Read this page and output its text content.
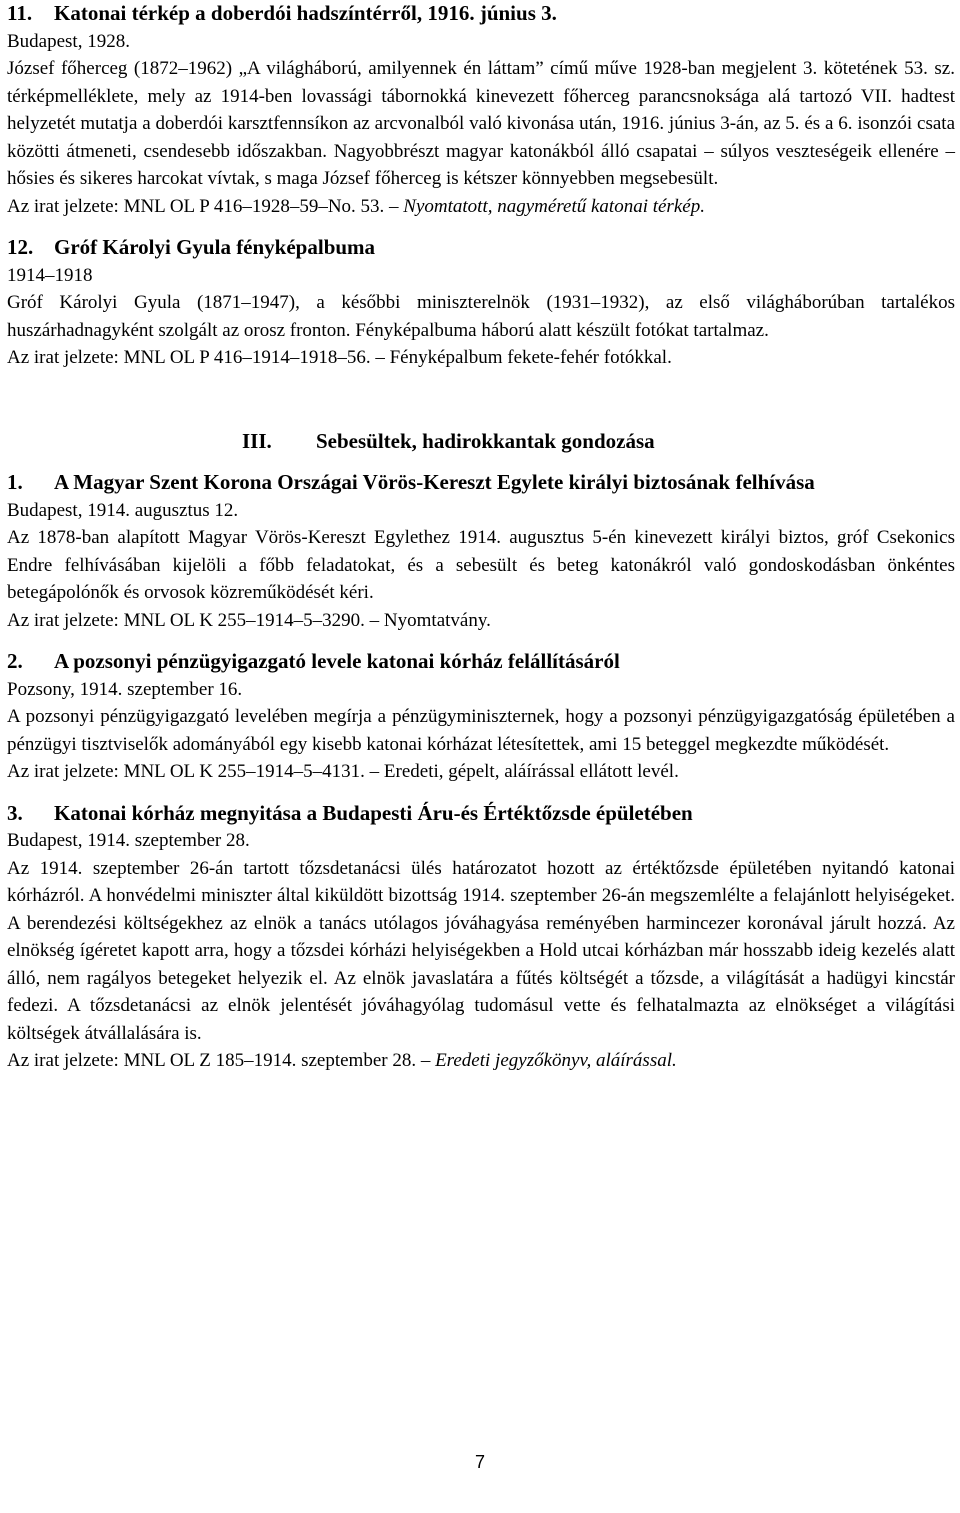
11. Katonai térkép a doberdói hadszíntérről, 1916. június 3.

Budapest, 1928.

József főherceg (1872–1962) „A világháború, amilyennek én láttam” című műve 1928-ban megjelent 3. kötetének 53. sz. térképmelléklete, mely az 1914-ben lovassági tábornokká kinevezett főherceg parancsnoksága alá tartozó VII. hadtest helyzetét mutatja a doberdói karsztfennsíkon az arcvonalból való kivonása után, 1916. június 3-án, az 5. és a 6. isonzói csata közötti átmeneti, csendesebb időszakban. Nagyobbrészt magyar katonákból álló csapatai – súlyos veszteségeik ellenére – hősies és sikeres harcokat vívtak, s maga József főherceg is kétszer könnyebben megsebesült.

Az irat jelzete: MNL OL P 416–1928–59–No. 53. – Nyomtatott, nagyméretű katonai térkép.

12. Gróf Károlyi Gyula fényképalbuma

1914–1918

Gróf Károlyi Gyula (1871–1947), a későbbi miniszterelnök (1931–1932), az első világháborúban tartalékos huszárhadnagyként szolgált az orosz fronton. Fényképalbuma háború alatt készült fotókat tartalmaz.

Az irat jelzete: MNL OL P 416–1914–1918–56. – Fényképalbum fekete-fehér fotókkal.

III. Sebesültek, hadirokkantak gondozása
1. A Magyar Szent Korona Országai Vörös-Kereszt Egylete királyi biztosának felhívása

Budapest, 1914. augusztus 12.

Az 1878-ban alapított Magyar Vörös-Kereszt Egylethez 1914. augusztus 5-én kinevezett királyi biztos, gróf Csekonics Endre felhívásában kijelöli a főbb feladatokat, és a sebesült és beteg katonákról való gondoskodásban önkéntes betegápolónők és orvosok közreműködését kéri.

Az irat jelzete: MNL OL K 255–1914–5–3290. – Nyomtatvány.

2. A pozsonyi pénzügyigazgató levele katonai kórház felállításáról

Pozsony, 1914. szeptember 16.

A pozsonyi pénzügyigazgató levelében megírja a pénzügyminiszternek, hogy a pozsonyi pénzügyigazgatóság épületében a pénzügyi tisztviselők adományából egy kisebb katonai kórházat létesítettek, ami 15 beteggel megkezdte működését.

Az irat jelzete: MNL OL K 255–1914–5–4131. – Eredeti, gépelt, aláírással ellátott levél.

3. Katonai kórház megnyitása a Budapesti Áru-és Értéktőzsde épületében

Budapest, 1914. szeptember 28.

Az 1914. szeptember 26-án tartott tőzsdetanácsi ülés határozatot hozott az értéktőzsde épületében nyitandó katonai kórházról. A honvédelmi miniszter által kiküldött bizottság 1914. szeptember 26-án megszemlélte a felajánlott helyiségeket. A berendezési költségekhez az elnök a tanács utólagos jóváhagyása reményében harmincezer koronával járult hozzá. Az elnökség ígéretet kapott arra, hogy a tőzsdei kórházi helyiségekben a Hold utcai kórházban már hosszabb ideig kezelés alatt álló, nem ragályos betegeket helyezik el. Az elnök javaslatára a fűtés költségét a tőzsde, a világítását a hadügyi kincstár fedezi. A tőzsdetanácsi az elnök jelentését jóváhagyólag tudomásul vette és felhatalmazta az elnökséget a világítási költségek átvállalására is.

Az irat jelzete: MNL OL Z 185–1914. szeptember 28. – Eredeti jegyzőkönyv, aláírással.

7
